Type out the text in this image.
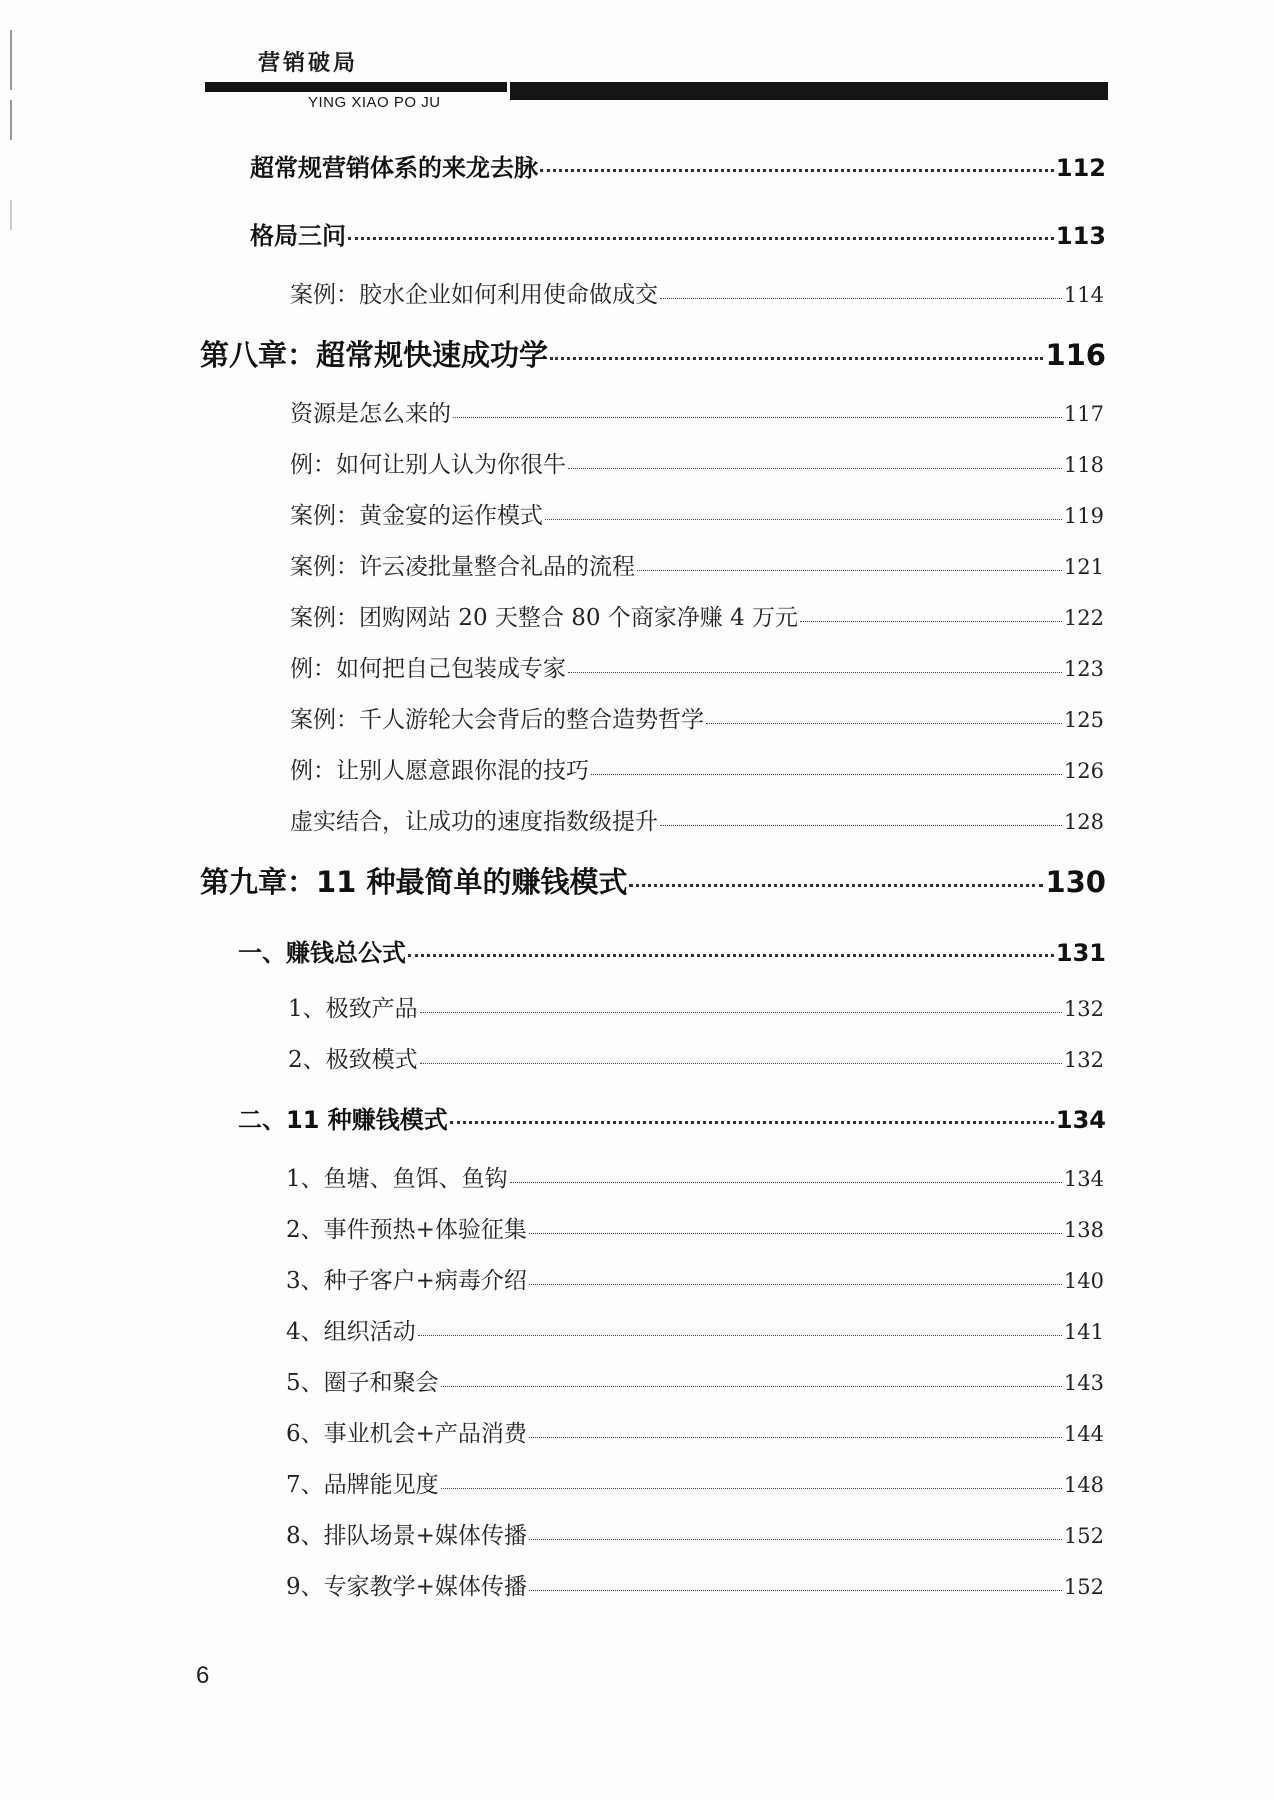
营销破局
YING XIAO PO JU
超常规营销体系的来龙去脉	112
格局三问	113
案例：胶水企业如何利用使命做成交	114
第八章：超常规快速成功学	116
资源是怎么来的	117
例：如何让别人认为你很牛	118
案例：黄金宴的运作模式	119
案例：许云凌批量整合礼品的流程	121
案例：团购网站 20 天整合 80 个商家净赚 4 万元	122
例：如何把自己包装成专家	123
案例：千人游轮大会背后的整合造势哲学	125
例：让别人愿意跟你混的技巧	126
虚实结合，让成功的速度指数级提升	128
第九章：11 种最简单的赚钱模式	130
一、赚钱总公式	131
1、极致产品	132
2、极致模式	132
二、11 种赚钱模式	134
1、鱼塘、鱼饵、鱼钩	134
2、事件预热+体验征集	138
3、种子客户+病毒介绍	140
4、组织活动	141
5、圈子和聚会	143
6、事业机会+产品消费	144
7、品牌能见度	148
8、排队场景+媒体传播	152
9、专家教学+媒体传播	152
6
